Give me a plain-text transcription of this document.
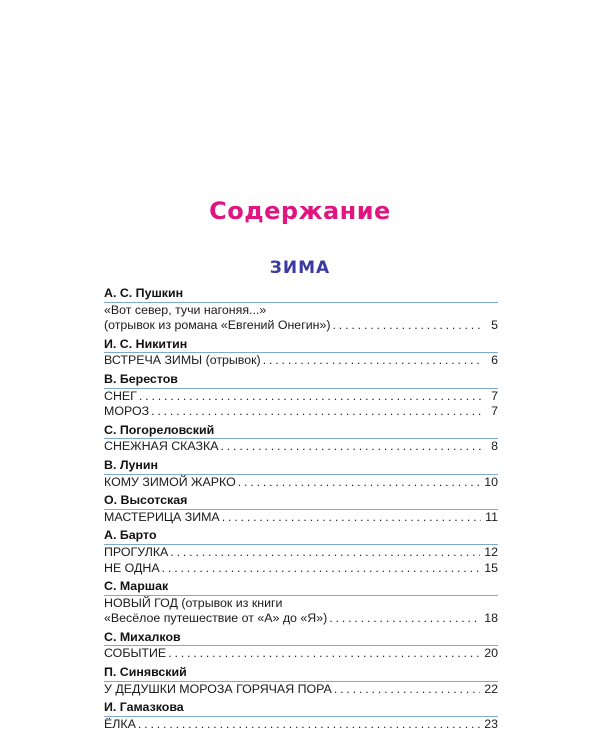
Содержание
ЗИМА
А. С. Пушкин
«Вот север, тучи нагоняя...»
(отрывок из романа «Евгений Онегин») . . .	5
И. С. Никитин
ВСТРЕЧА ЗИМЫ (отрывок) . . .	6
В. Берестов
СНЕГ . . .	7
МОРОЗ . . .	7
С. Погореловский
СНЕЖНАЯ СКАЗКА . . .	8
В. Лунин
КОМУ ЗИМОЙ ЖАРКО . . .	10
О. Высотская
МАСТЕРИЦА ЗИМА . . .	11
А. Барто
ПРОГУЛКА . . .	12
НЕ ОДНА . . .	15
С. Маршак
НОВЫЙ ГОД (отрывок из книги
«Весёлое путешествие от «А» до «Я») . . .	18
С. Михалков
СОБЫТИЕ . . .	20
П. Синявский
У ДЕДУШКИ МОРОЗА ГОРЯЧАЯ ПОРА . . .	22
И. Гамазкова
ЁЛКА . . .	23
